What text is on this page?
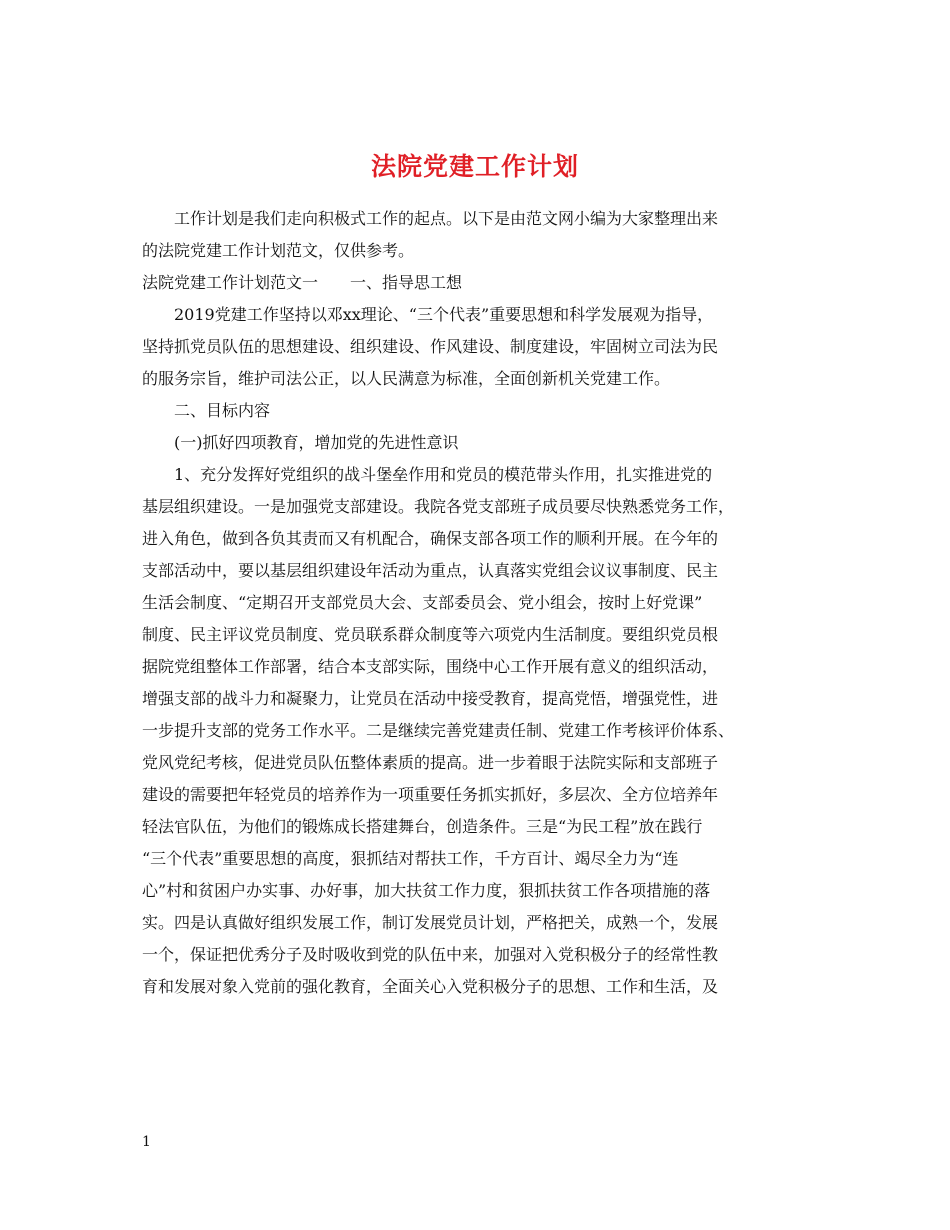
法院党建工作计划
工作计划是我们走向积极式工作的起点。以下是由范文网小编为大家整理出来
的法院党建工作计划范文，仅供参考。
法院党建工作计划范文一　　一、指导思工想
2019党建工作坚持以邓xx理论、“三个代表”重要思想和科学发展观为指导，
坚持抓党员队伍的思想建设、组织建设、作风建设、制度建设，牢固树立司法为民
的服务宗旨，维护司法公正，以人民满意为标准，全面创新机关党建工作。
二、目标内容
(一)抓好四项教育，增加党的先进性意识
1、充分发挥好党组织的战斗堡垒作用和党员的模范带头作用，扎实推进党的
基层组织建设。一是加强党支部建设。我院各党支部班子成员要尽快熟悉党务工作，
进入角色，做到各负其责而又有机配合，确保支部各项工作的顺利开展。在今年的
支部活动中，要以基层组织建设年活动为重点，认真落实党组会议议事制度、民主
生活会制度、“定期召开支部党员大会、支部委员会、党小组会，按时上好党课”
制度、民主评议党员制度、党员联系群众制度等六项党内生活制度。要组织党员根
据院党组整体工作部署，结合本支部实际，围绕中心工作开展有意义的组织活动，
增强支部的战斗力和凝聚力，让党员在活动中接受教育，提高党悟，增强党性，进
一步提升支部的党务工作水平。二是继续完善党建责任制、党建工作考核评价体系、
党风党纪考核，促进党员队伍整体素质的提高。进一步着眼于法院实际和支部班子
建设的需要把年轻党员的培养作为一项重要任务抓实抓好，多层次、全方位培养年
轻法官队伍，为他们的锻炼成长搭建舞台，创造条件。三是“为民工程”放在践行
“三个代表”重要思想的高度，狠抓结对帮扶工作，千方百计、竭尽全力为“连
心”村和贫困户办实事、办好事，加大扶贫工作力度，狠抓扶贫工作各项措施的落
实。四是认真做好组织发展工作，制订发展党员计划，严格把关，成熟一个，发展
一个，保证把优秀分子及时吸收到党的队伍中来，加强对入党积极分子的经常性教
育和发展对象入党前的强化教育，全面关心入党积极分子的思想、工作和生活，及
1
